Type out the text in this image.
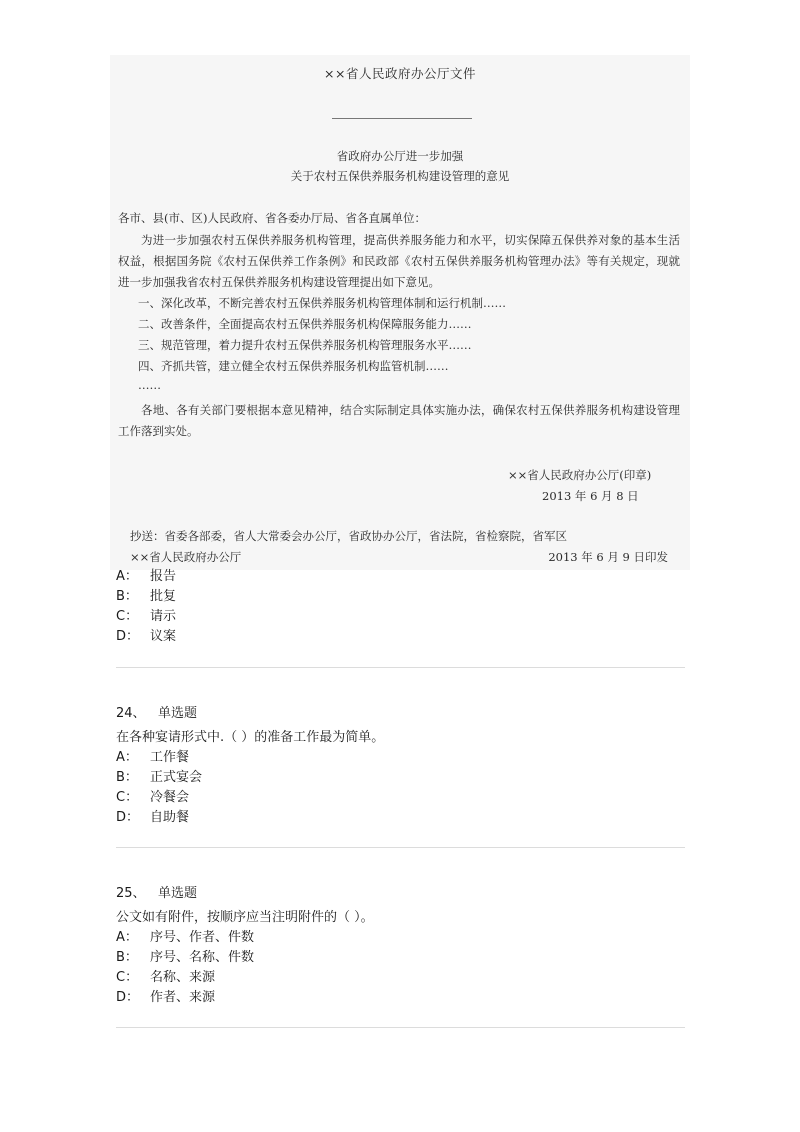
××省人民政府办公厅文件
省政府办公厅进一步加强
关于农村五保供养服务机构建设管理的意见
各市、县(市、区)人民政府、省各委办厅局、省各直属单位：
为进一步加强农村五保供养服务机构管理，提高供养服务能力和水平，切实保障五保供养对象的基本生活权益，根据国务院《农村五保供养工作条例》和民政部《农村五保供养服务机构管理办法》等有关规定，现就进一步加强我省农村五保供养服务机构建设管理提出如下意见。
一、深化改革，不断完善农村五保供养服务机构管理体制和运行机制……
二、改善条件，全面提高农村五保供养服务机构保障服务能力……
三、规范管理，着力提升农村五保供养服务机构管理服务水平……
四、齐抓共管，建立健全农村五保供养服务机构监管机制……
……
各地、各有关部门要根据本意见精神，结合实际制定具体实施办法，确保农村五保供养服务机构建设管理工作落到实处。
××省人民政府办公厅(印章)
2013 年 6 月 8 日
抄送：省委各部委，省人大常委会办公厅，省政协办公厅，省法院，省检察院，省军区
××省人民政府办公厅	2013 年 6 月 9 日印发
A： 报告
B： 批复
C： 请示
D： 议案
24、 单选题
在各种宴请形式中.（ ）的准备工作最为简单。
A： 工作餐
B： 正式宴会
C： 冷餐会
D： 自助餐
25、 单选题
公文如有附件，按顺序应当注明附件的（ ）。
A： 序号、作者、件数
B： 序号、名称、件数
C： 名称、来源
D： 作者、来源
